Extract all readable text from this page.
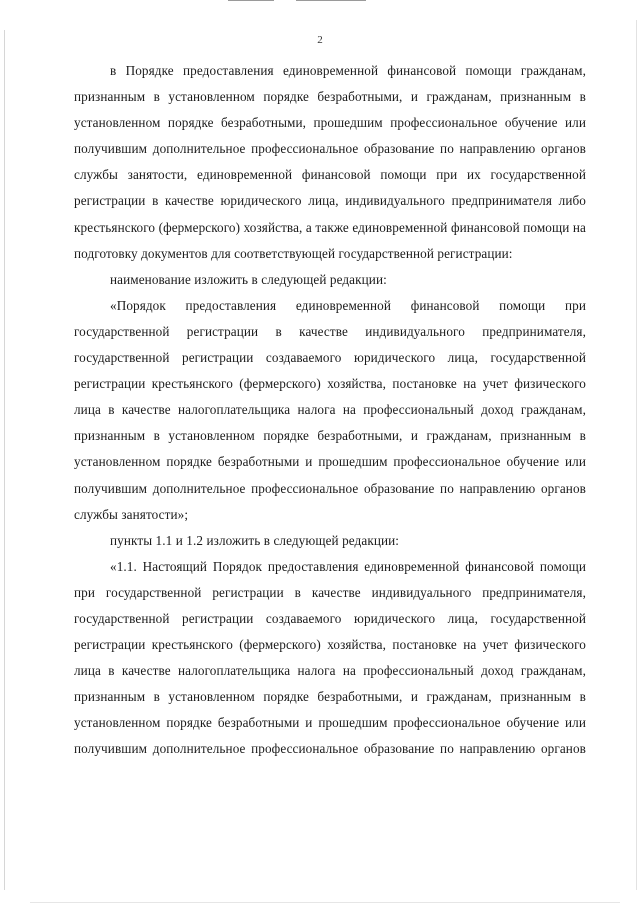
2

в Порядке предоставления единовременной финансовой помощи гражданам, признанным в установленном порядке безработными, и гражданам, признанным в установленном порядке безработными, прошедшим профессиональное обучение или получившим дополнительное профессиональное образование по направлению органов службы занятости, единовременной финансовой помощи при их государственной регистрации в качестве юридического лица, индивидуального предпринимателя либо крестьянского (фермерского) хозяйства, а также единовременной финансовой помощи на подготовку документов для соответствующей государственной регистрации:

наименование изложить в следующей редакции:

«Порядок предоставления единовременной финансовой помощи при государственной регистрации в качестве индивидуального предпринимателя, государственной регистрации создаваемого юридического лица, государственной регистрации крестьянского (фермерского) хозяйства, постановке на учет физического лица в качестве налогоплательщика налога на профессиональный доход гражданам, признанным в установленном порядке безработными, и гражданам, признанным в установленном порядке безработными и прошедшим профессиональное обучение или получившим дополнительное профессиональное образование по направлению органов службы занятости»;

пункты 1.1 и 1.2 изложить в следующей редакции:

«1.1. Настоящий Порядок предоставления единовременной финансовой помощи при государственной регистрации в качестве индивидуального предпринимателя, государственной регистрации создаваемого юридического лица, государственной регистрации крестьянского (фермерского) хозяйства, постановке на учет физического лица в качестве налогоплательщика налога на профессиональный доход гражданам, признанным в установленном порядке безработными, и гражданам, признанным в установленном порядке безработными и прошедшим профессиональное обучение или получившим дополнительное профессиональное образование по направлению органов
